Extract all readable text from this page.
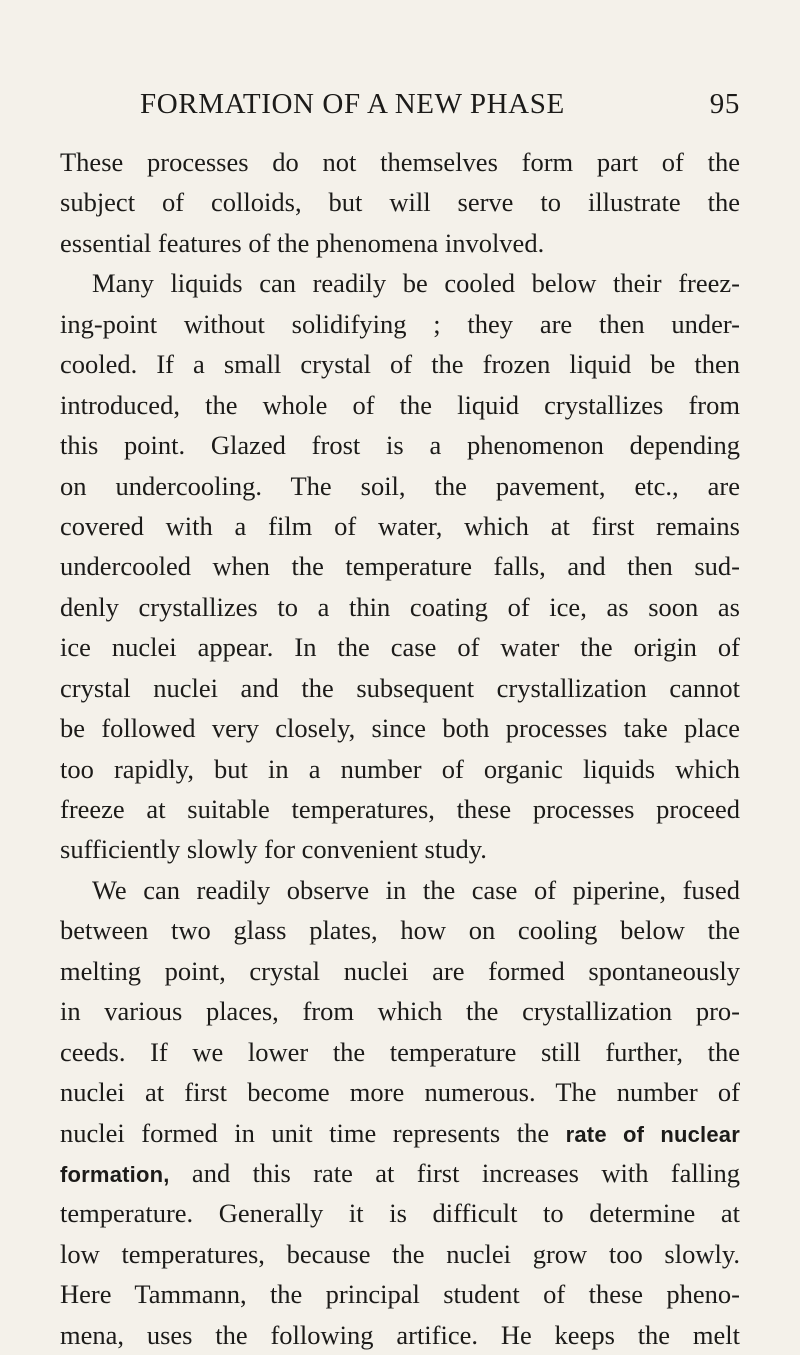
FORMATION OF A NEW PHASE	95
These processes do not themselves form part of the
subject of colloids, but will serve to illustrate the
essential features of the phenomena involved.
Many liquids can readily be cooled below their freez-
ing-point without solidifying ; they are then under-
cooled. If a small crystal of the frozen liquid be then
introduced, the whole of the liquid crystallizes from
this point. Glazed frost is a phenomenon depending
on undercooling. The soil, the pavement, etc., are
covered with a film of water, which at first remains
undercooled when the temperature falls, and then sud-
denly crystallizes to a thin coating of ice, as soon as
ice nuclei appear. In the case of water the origin of
crystal nuclei and the subsequent crystallization cannot
be followed very closely, since both processes take place
too rapidly, but in a number of organic liquids which
freeze at suitable temperatures, these processes proceed
sufficiently slowly for convenient study.
We can readily observe in the case of piperine, fused
between two glass plates, how on cooling below the
melting point, crystal nuclei are formed spontaneously
in various places, from which the crystallization pro-
ceeds. If we lower the temperature still further, the
nuclei at first become more numerous. The number of
nuclei formed in unit time represents the rate of nuclear
formation, and this rate at first increases with falling
temperature. Generally it is difficult to determine at
low temperatures, because the nuclei grow too slowly.
Here Tammann, the principal student of these pheno-
mena, uses the following artifice. He keeps the melt
